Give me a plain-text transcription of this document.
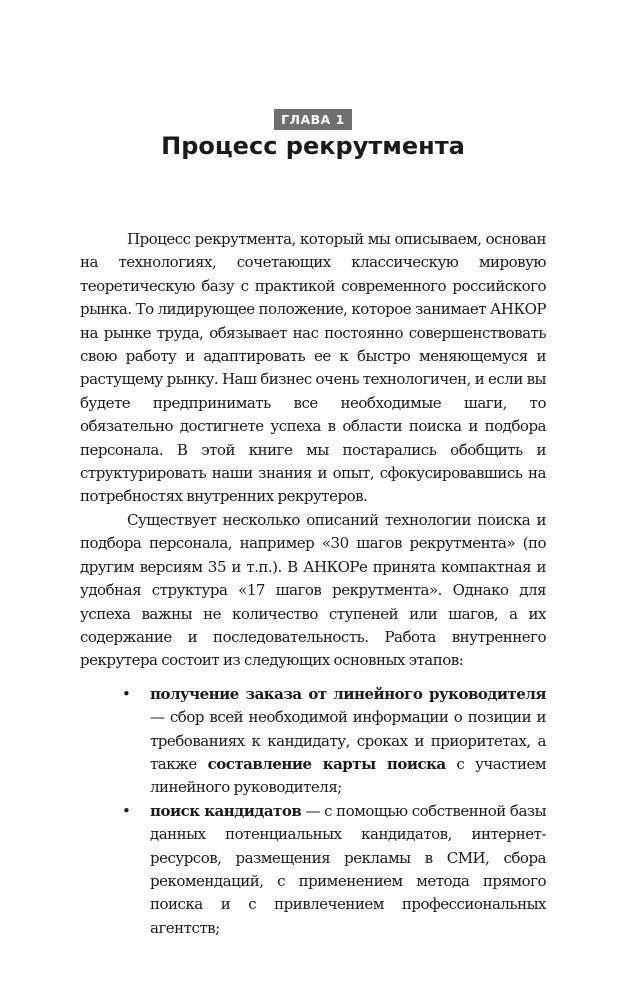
ГЛАВА 1
Процесс рекрутмента

Процесс рекрутмента, который мы описываем, основан на технологиях, сочетающих классическую мировую теоретическую базу с практикой современного российского рынка. То лидирующее положение, которое занимает АНКОР на рынке труда, обязывает нас постоянно совершенствовать свою работу и адаптировать ее к быстро меняющемуся и растущему рынку. Наш бизнес очень технологичен, и если вы будете предпринимать все необходимые шаги, то обязательно достигнете успеха в области поиска и подбора персонала. В этой книге мы постарались обобщить и структурировать наши знания и опыт, сфокусировавшись на потребностях внутренних рекрутеров.

Существует несколько описаний технологии поиска и подбора персонала, например «30 шагов рекрутмента» (по другим версиям 35 и т.п.). В АНКОРе принята компактная и удобная структура «17 шагов рекрутмента». Однако для успеха важны не количество ступеней или шагов, а их содержание и последовательность. Работа внутреннего рекрутера состоит из следующих основных этапов:

• получение заказа от линейного руководителя — сбор всей необходимой информации о позиции и требованиях к кандидату, сроках и приоритетах, а также составление карты поиска с участием линейного руководителя;
• поиск кандидатов — с помощью собственной базы данных потенциальных кандидатов, интернет-ресурсов, размещения рекламы в СМИ, сбора рекомендаций, с применением метода прямого поиска и с привлечением профессиональных агентств;
